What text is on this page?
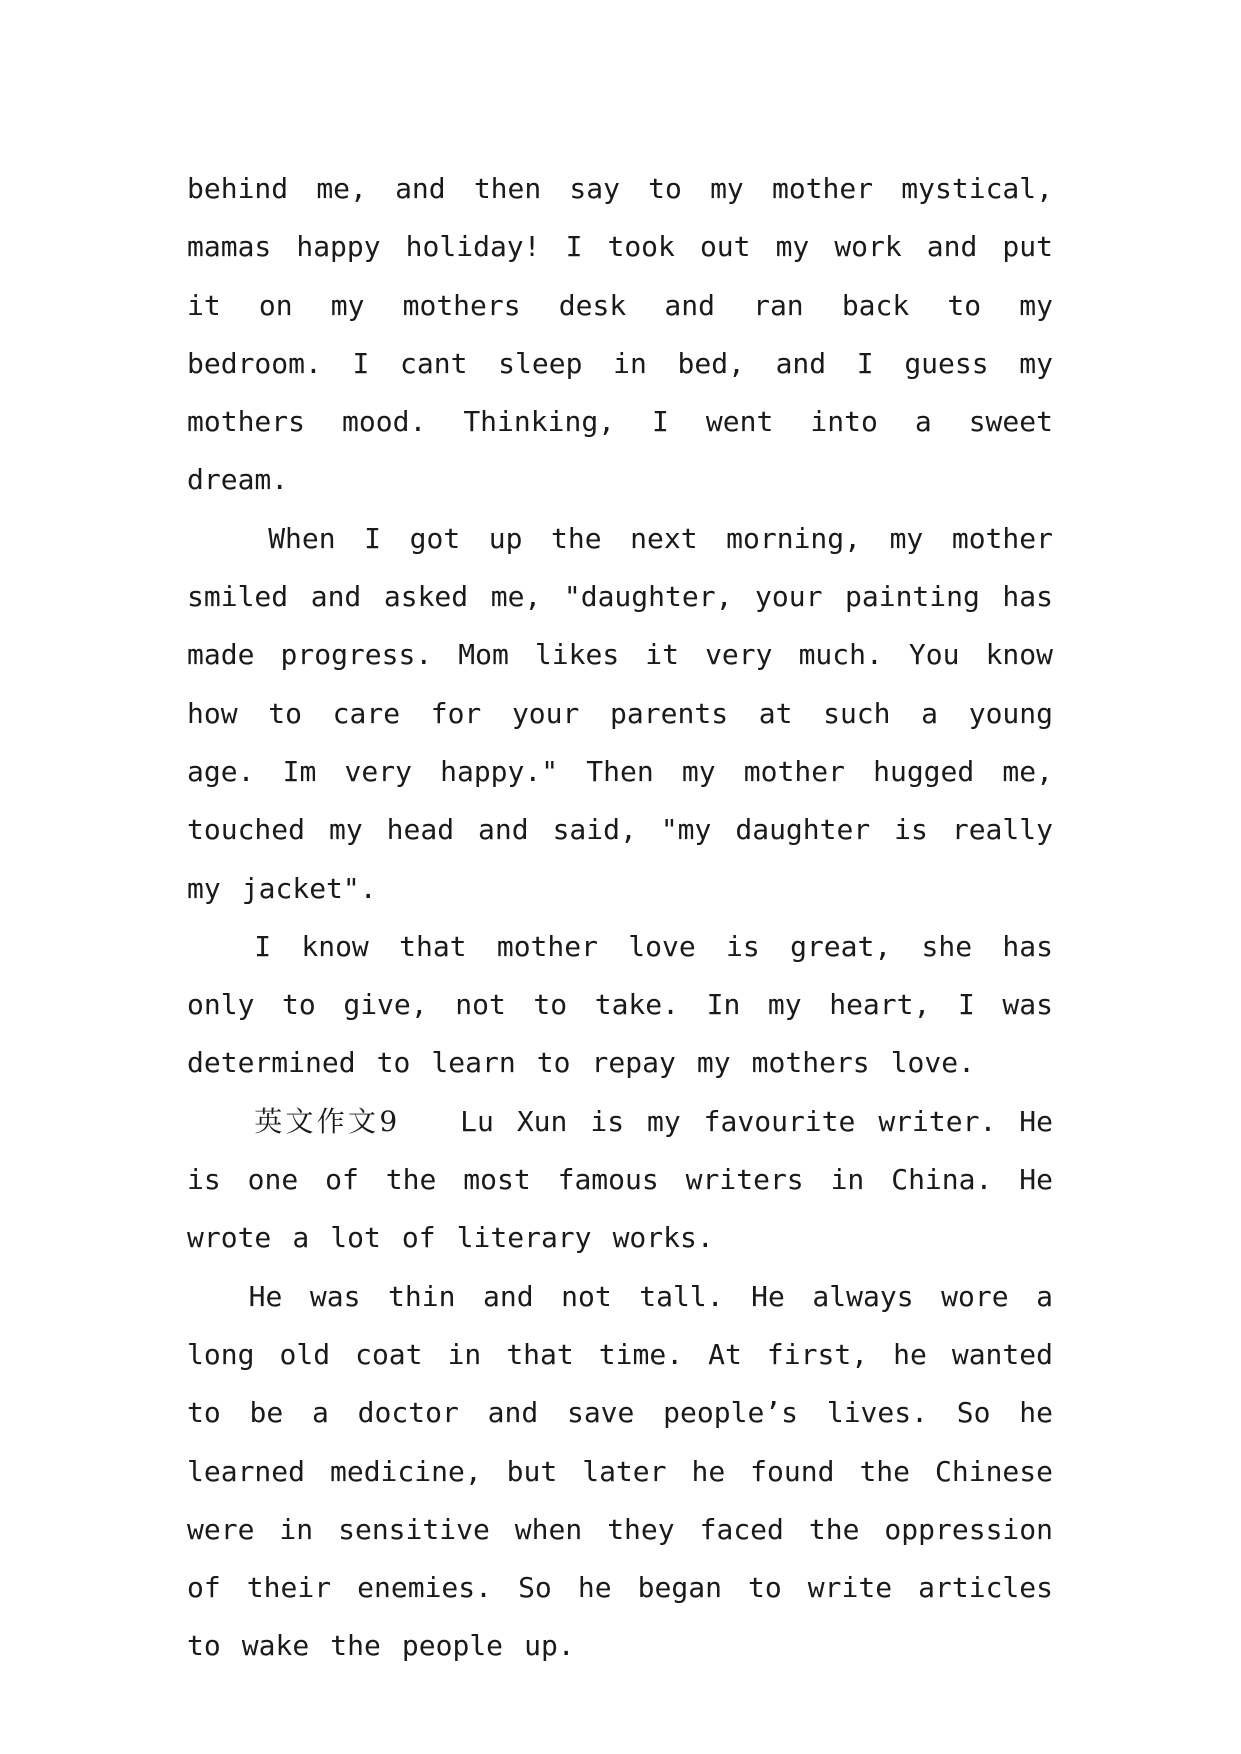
behind me, and then say to my mother mystical, mamas happy holiday! I took out my work and put it on my mothers desk and ran back to my bedroom. I cant sleep in bed, and I guess my mothers mood. Thinking, I went into a sweet dream.

When I got up the next morning, my mother smiled and asked me, "daughter, your painting has made progress. Mom likes it very much. You know how to care for your parents at such a young age. Im very happy." Then my mother hugged me, touched my head and said, "my daughter is really my jacket".

I know that mother love is great, she has only to give, not to take. In my heart, I was determined to learn to repay my mothers love.

英文作文9 Lu Xun is my favourite writer. He is one of the most famous writers in China. He wrote a lot of literary works.

He was thin and not tall. He always wore a long old coat in that time. At first, he wanted to be a doctor and save people’s lives. So he learned medicine, but later he found the Chinese were in sensitive when they faced the oppression of their enemies. So he began to write articles to wake the people up.
